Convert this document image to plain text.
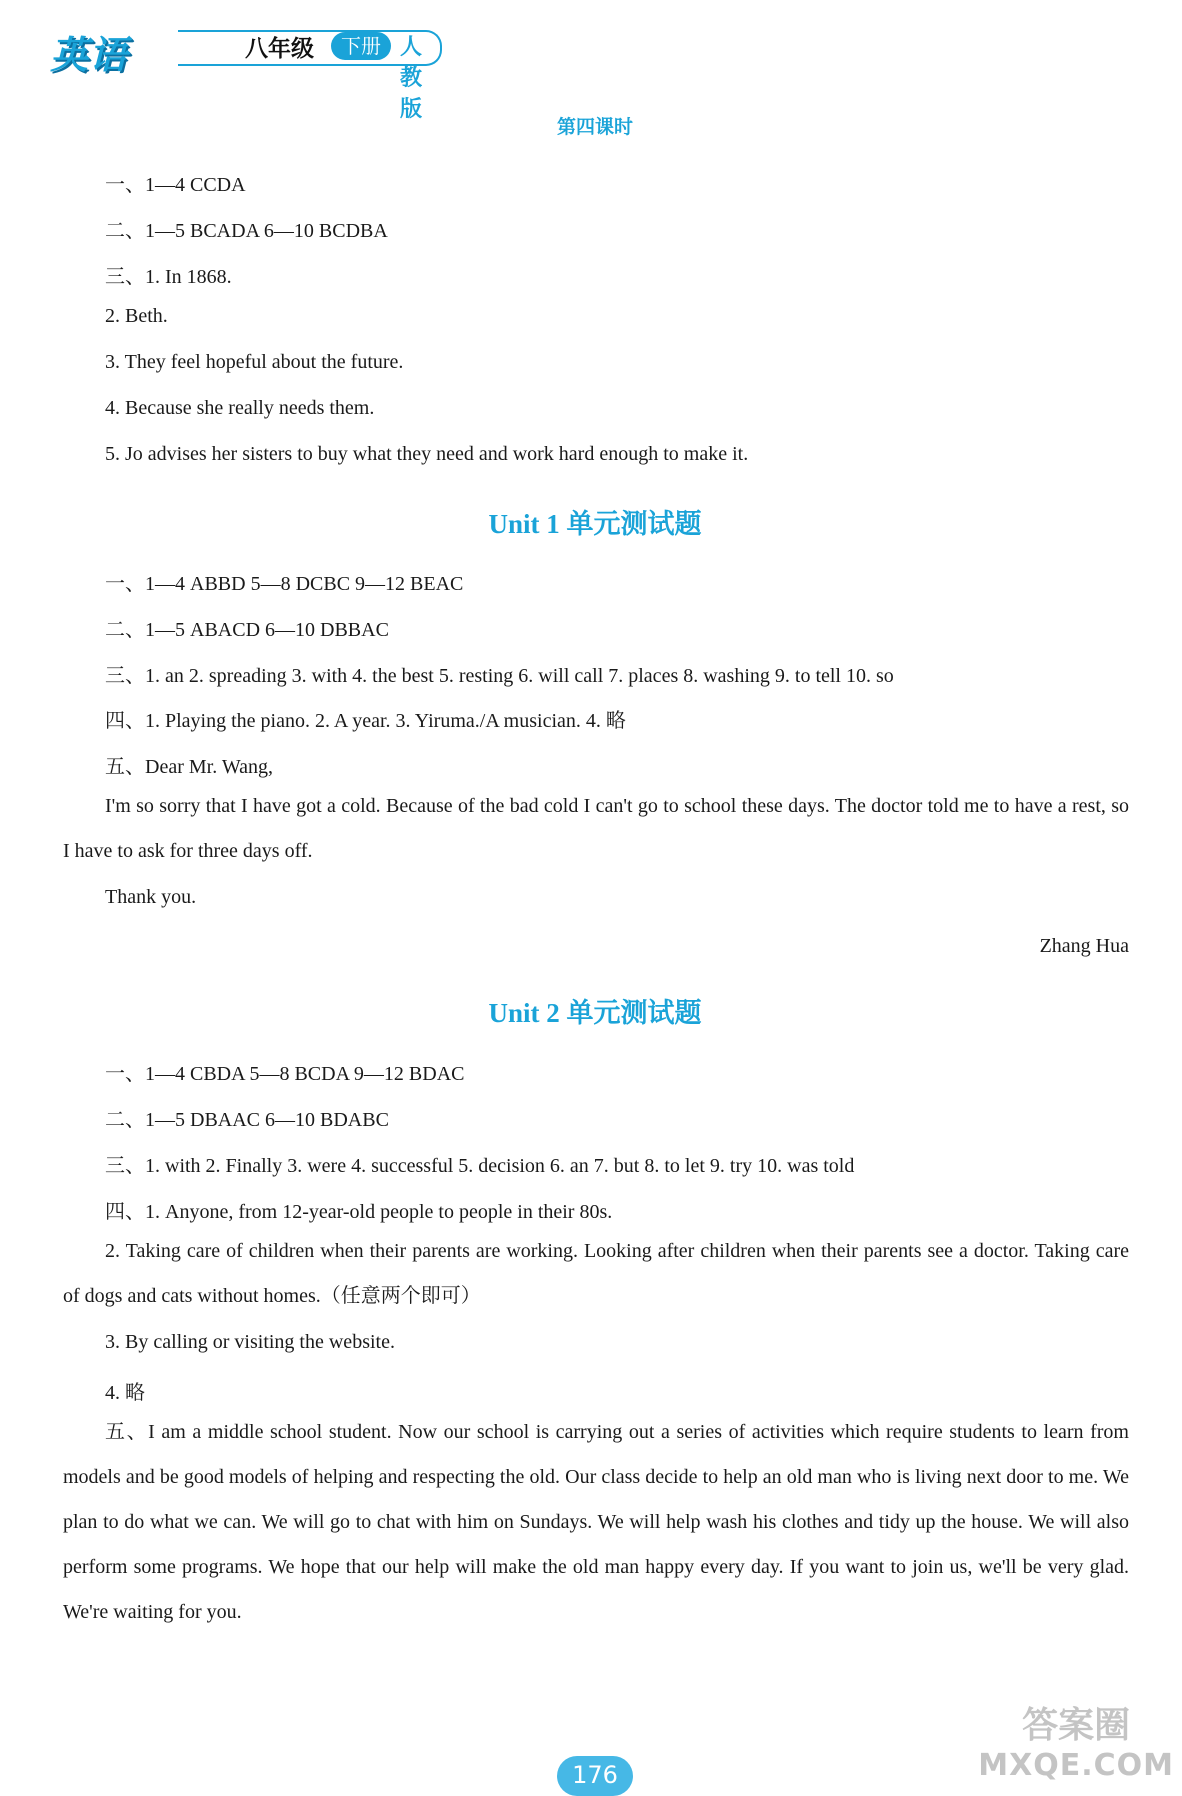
英语	八年级	下册 人教版
第四课时
一、1—4 CCDA
二、1—5 BCADA 6—10 BCDBA
三、1. In 1868.
2. Beth.
3. They feel hopeful about the future.
4. Because she really needs them.
5. Jo advises her sisters to buy what they need and work hard enough to make it.
Unit 1 单元测试题
一、1—4 ABBD 5—8 DCBC 9—12 BEAC
二、1—5 ABACD 6—10 DBBAC
三、1. an 2. spreading 3. with 4. the best 5. resting 6. will call 7. places 8. washing 9. to tell 10. so
四、1. Playing the piano. 2. A year. 3. Yiruma./A musician. 4. 略
五、Dear Mr. Wang,
I'm so sorry that I have got a cold. Because of the bad cold I can't go to school these days. The doctor told me to have a rest, so I have to ask for three days off.
Thank you.
Zhang Hua
Unit 2 单元测试题
一、1—4 CBDA 5—8 BCDA 9—12 BDAC
二、1—5 DBAAC 6—10 BDABC
三、1. with 2. Finally 3. were 4. successful 5. decision 6. an 7. but 8. to let 9. try 10. was told
四、1. Anyone, from 12-year-old people to people in their 80s.
2. Taking care of children when their parents are working. Looking after children when their parents see a doctor. Taking care of dogs and cats without homes.（任意两个即可）
3. By calling or visiting the website.
4. 略
五、I am a middle school student. Now our school is carrying out a series of activities which require students to learn from models and be good models of helping and respecting the old. Our class decide to help an old man who is living next door to me. We plan to do what we can. We will go to chat with him on Sundays. We will help wash his clothes and tidy up the house. We will also perform some programs. We hope that our help will make the old man happy every day. If you want to join us, we'll be very glad. We're waiting for you.
176
答案圈
MXQE.COM
